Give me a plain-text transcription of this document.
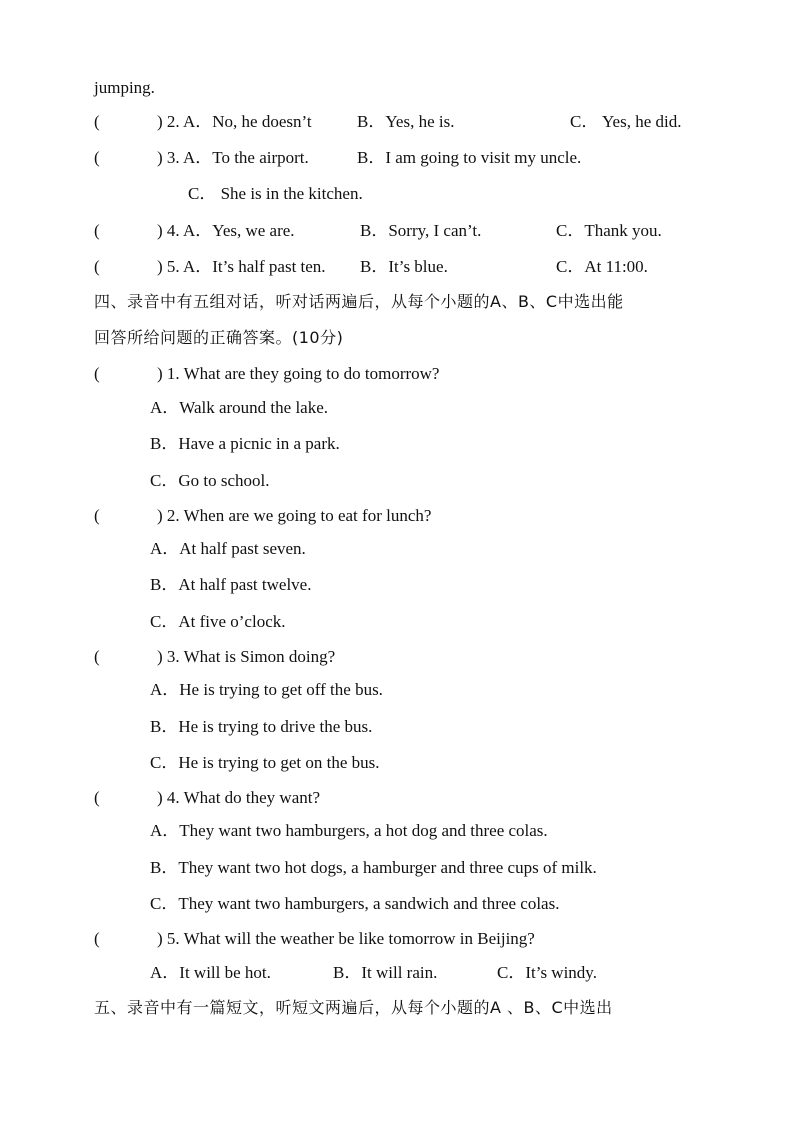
jumping.
(	) 2. A．No, he doesn’t	B．Yes, he is.	C． Yes, he did.
(	) 3. A．To the airport.	B．I am going to visit my uncle.
C． She is in the kitchen.
(	) 4. A．Yes, we are.	B．Sorry, I can’t.	C．Thank you.
(	) 5. A．It’s half past ten. B．It’s blue.	C．At 11:00.
四、录音中有五组对话，听对话两遍后，从每个小题的A、B、C中选出能
回答所给问题的正确答案。(10分)
(	) 1. What are they going to do tomorrow?
A．Walk around the lake.
B．Have a picnic in a park.
C．Go to school.
(	) 2. When are we going to eat for lunch?
A．At half past seven.
B．At half past twelve.
C．At five o’clock.
(	) 3. What is Simon doing?
A．He is trying to get off the bus.
B．He is trying to drive the bus.
C．He is trying to get on the bus.
(	) 4. What do they want?
A．They want two hamburgers, a hot dog and three colas.
B．They want two hot dogs, a hamburger and three cups of milk.
C．They want two hamburgers, a sandwich and three colas.
(	) 5. What will the weather be like tomorrow in Beijing?
A．It will be hot.	B．It will rain.	C．It’s windy.
五、录音中有一篇短文，听短文两遍后，从每个小题的A 、B、C中选出
